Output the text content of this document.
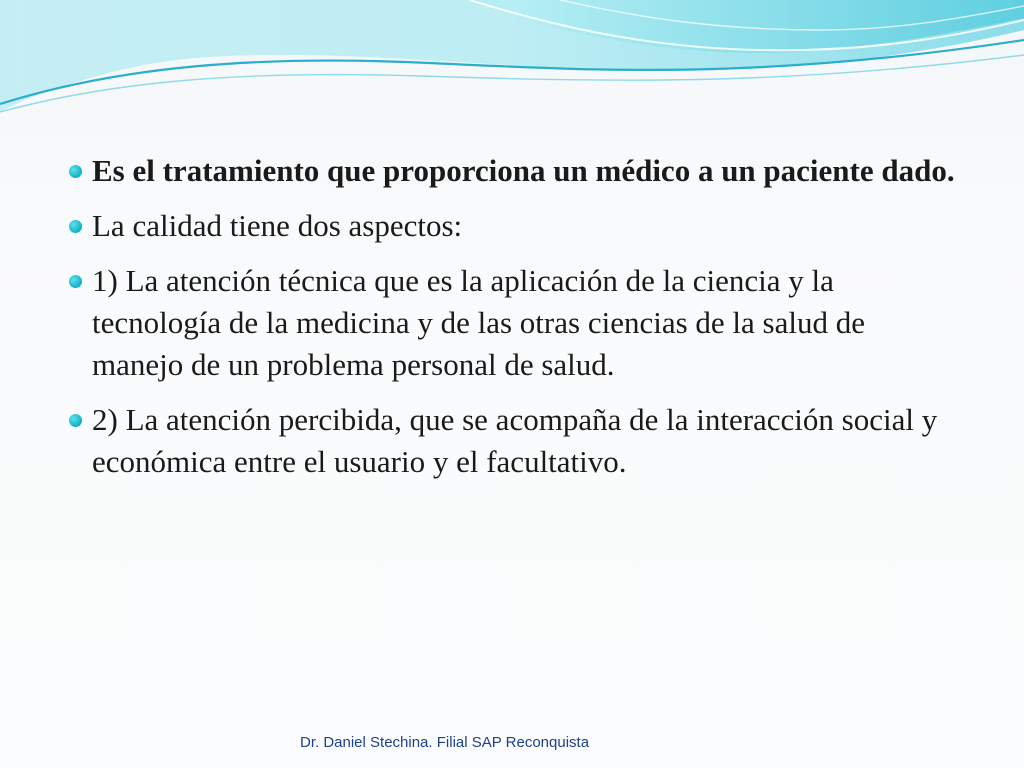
Es el tratamiento que proporciona un médico a un paciente dado.
La calidad tiene dos aspectos:
1) La atención técnica que es la aplicación de la ciencia y la tecnología de la medicina y de las otras ciencias de la salud de manejo de un problema personal de salud.
2) La atención percibida, que se acompaña de la interacción social y económica entre el usuario y el facultativo.
Dr. Daniel Stechina. Filial SAP Reconquista
